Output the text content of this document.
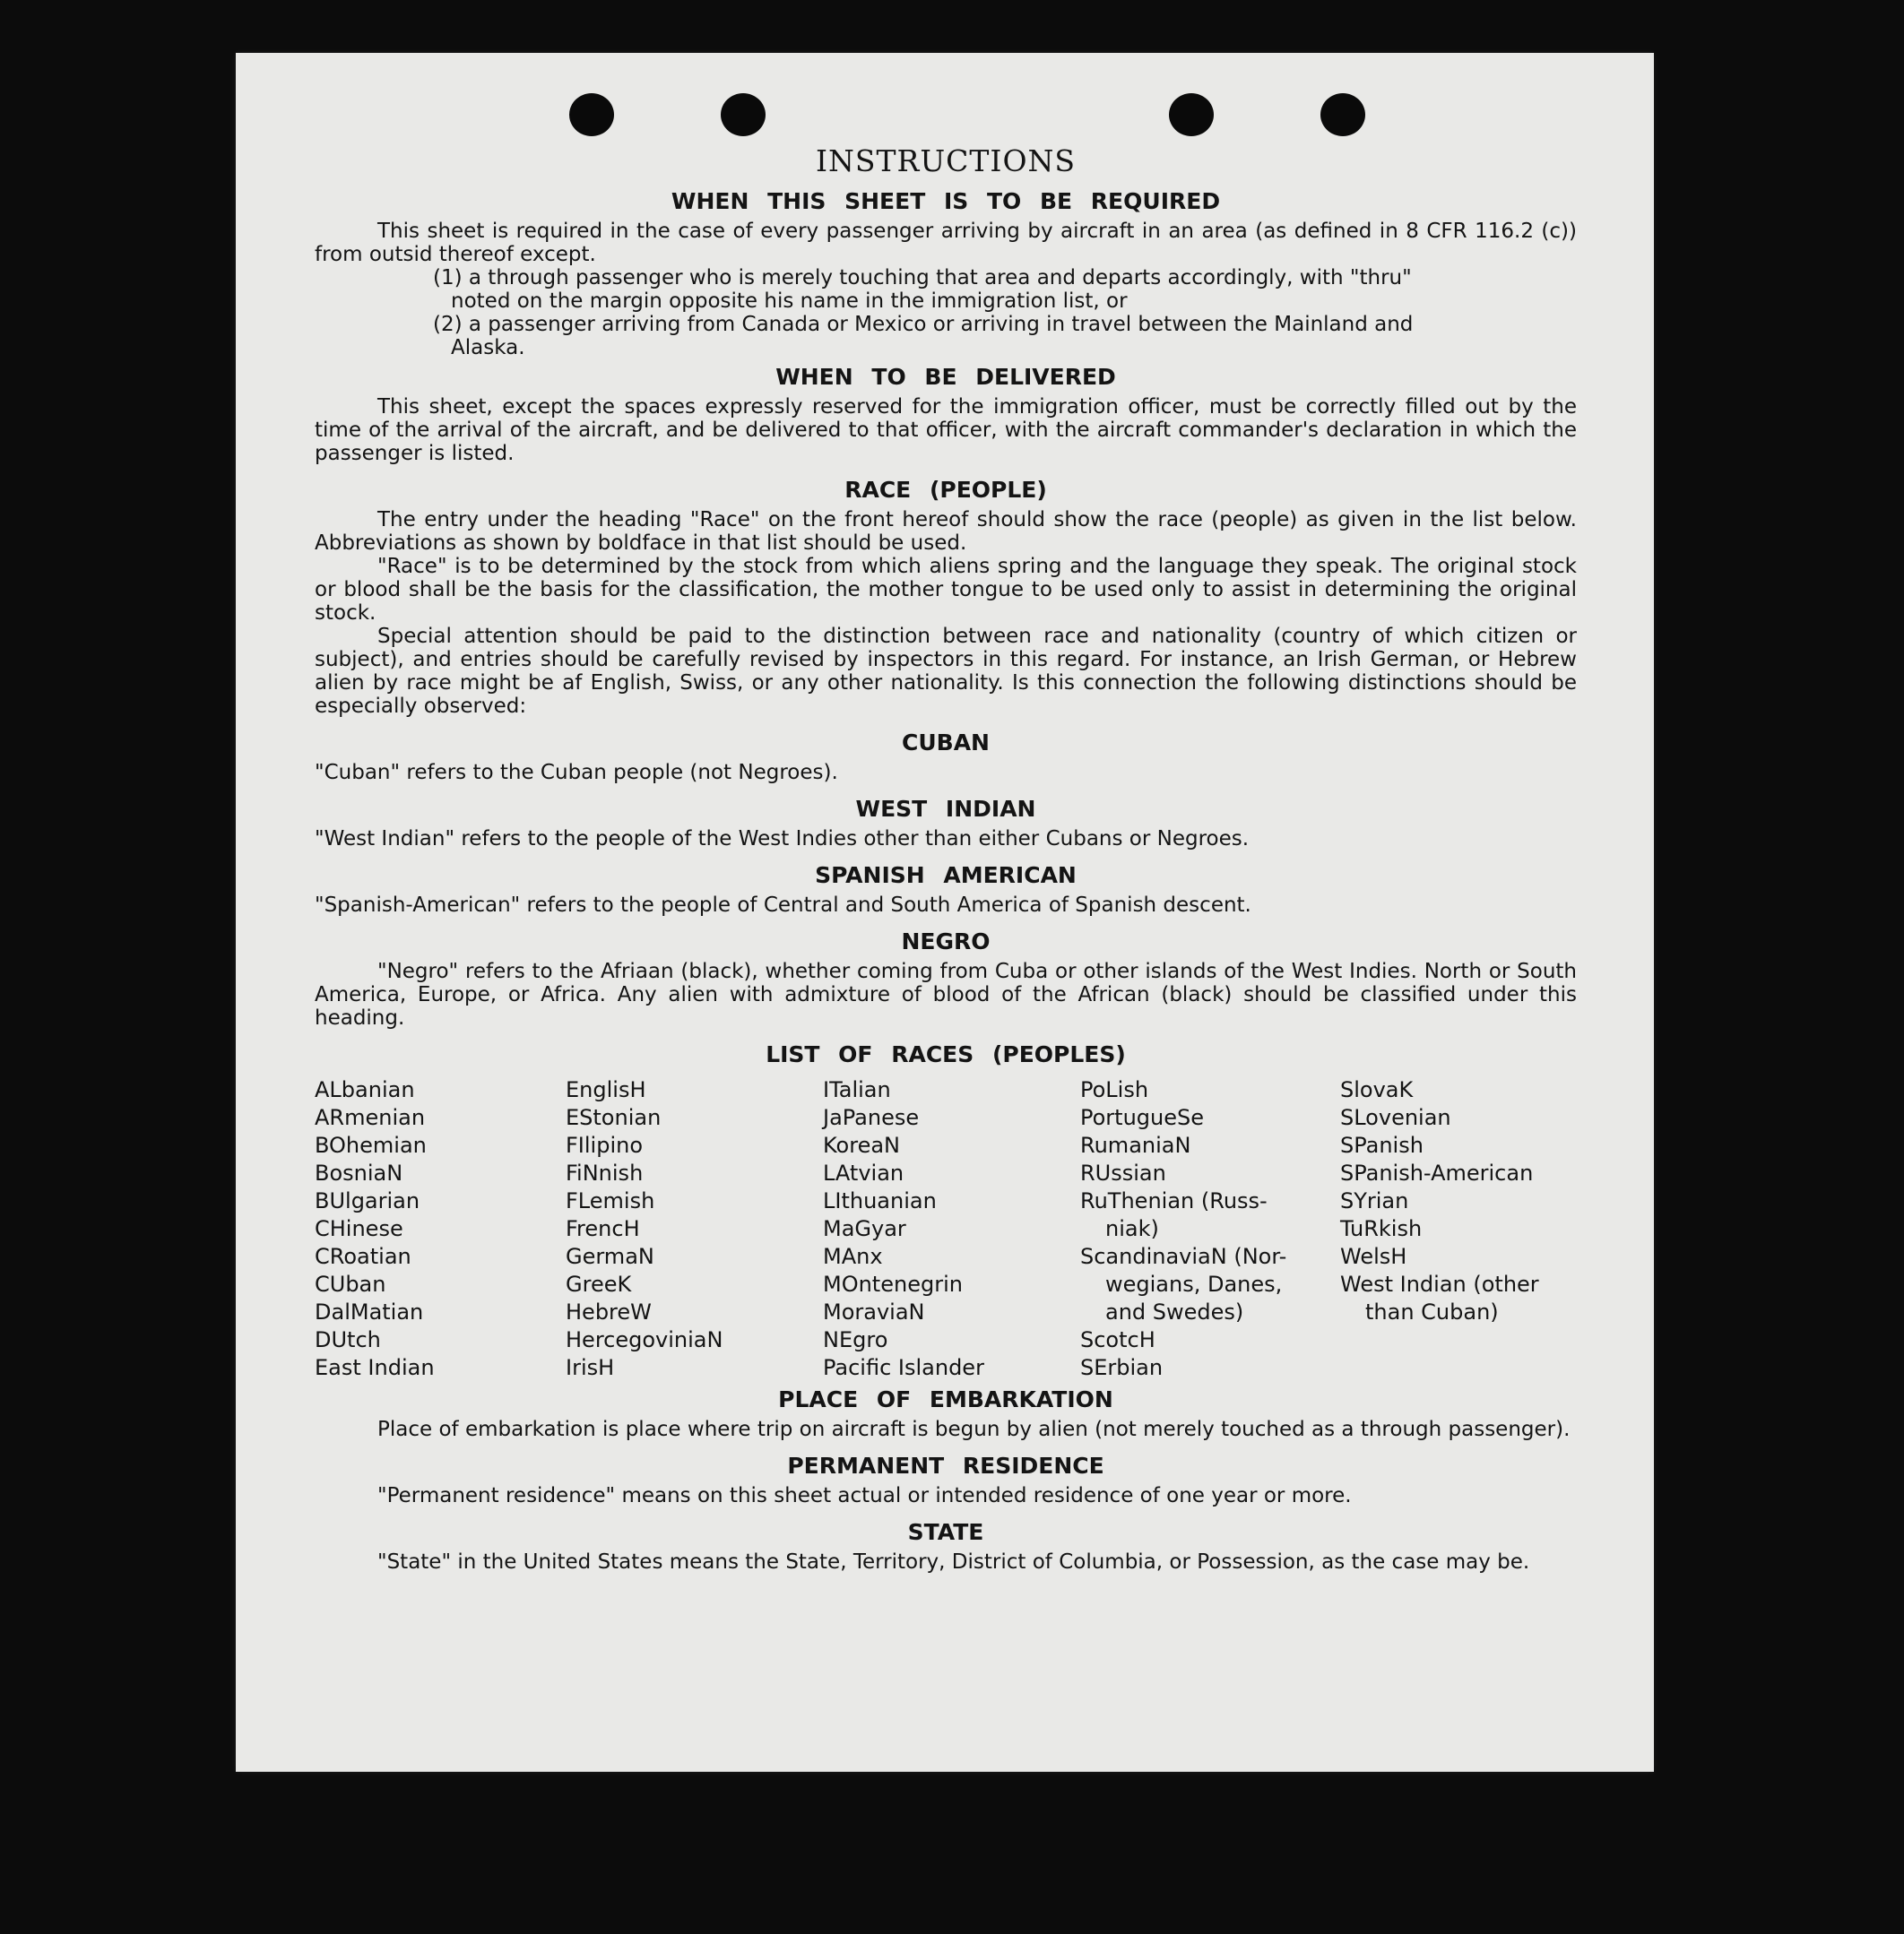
INSTRUCTIONS
WHEN THIS SHEET IS TO BE REQUIRED

This sheet is required in the case of every passenger arriving by aircraft in an area (as defined in 8 CFR 116.2 (c)) from outsid thereof except.

(1) a through passenger who is merely touching that area and departs accordingly, with "thru"
noted on the margin opposite his name in the immigration list, or
(2) a passenger arriving from Canada or Mexico or arriving in travel between the Mainland and
Alaska.
WHEN TO BE DELIVERED

This sheet, except the spaces expressly reserved for the immigration officer, must be correctly filled out by the time of the arrival of the aircraft, and be delivered to that officer, with the aircraft commander's declaration in which the passenger is listed.

RACE (PEOPLE)

The entry under the heading "Race" on the front hereof should show the race (people) as given in the list below. Abbreviations as shown by boldface in that list should be used.

"Race" is to be determined by the stock from which aliens spring and the language they speak. The original stock or blood shall be the basis for the classification, the mother tongue to be used only to assist in determining the original stock.

Special attention should be paid to the distinction between race and nationality (country of which citizen or subject), and entries should be carefully revised by inspectors in this regard. For instance, an Irish German, or Hebrew alien by race might be af English, Swiss, or any other nationality. Is this connection the following distinctions should be especially observed:

CUBAN

"Cuban" refers to the Cuban people (not Negroes).

WEST INDIAN

"West Indian" refers to the people of the West Indies other than either Cubans or Negroes.

SPANISH AMERICAN

"Spanish-American" refers to the people of Central and South America of Spanish descent.

NEGRO

"Negro" refers to the Afriaan (black), whether coming from Cuba or other islands of the West Indies. North or South America, Europe, or Africa. Any alien with admixture of blood of the African (black) should be classified under this heading.

LIST OF RACES (PEOPLES)
ALbanian
ARmenian
BOhemian
BosniaN
BUlgarian
CHinese
CRoatian
CUban
DalMatian
DUtch
East Indian
EnglisH
EStonian
FIlipino
FiNnish
FLemish
FrencH
GermaN
GreeK
HebreW
HercegoviniaN
IrisH
ITalian
JaPanese
KoreaN
LAtvian
LIthuanian
MaGyar
MAnx
MOntenegrin
MoraviaN
NEgro
Pacific Islander
PoLish
PortugueSe
RumaniaN
RUssian
RuThenian (Russ-
niak)
ScandinaviaN (Nor-
wegians, Danes,
and Swedes)
ScotcH
SErbian
SlovaK
SLovenian
SPanish
SPanish-American
SYrian
TuRkish
WelsH
West Indian (other
than Cuban)
PLACE OF EMBARKATION

Place of embarkation is place where trip on aircraft is begun by alien (not merely touched as a through passenger).

PERMANENT RESIDENCE

"Permanent residence" means on this sheet actual or intended residence of one year or more.

STATE

"State" in the United States means the State, Territory, District of Columbia, or Possession, as the case may be.
